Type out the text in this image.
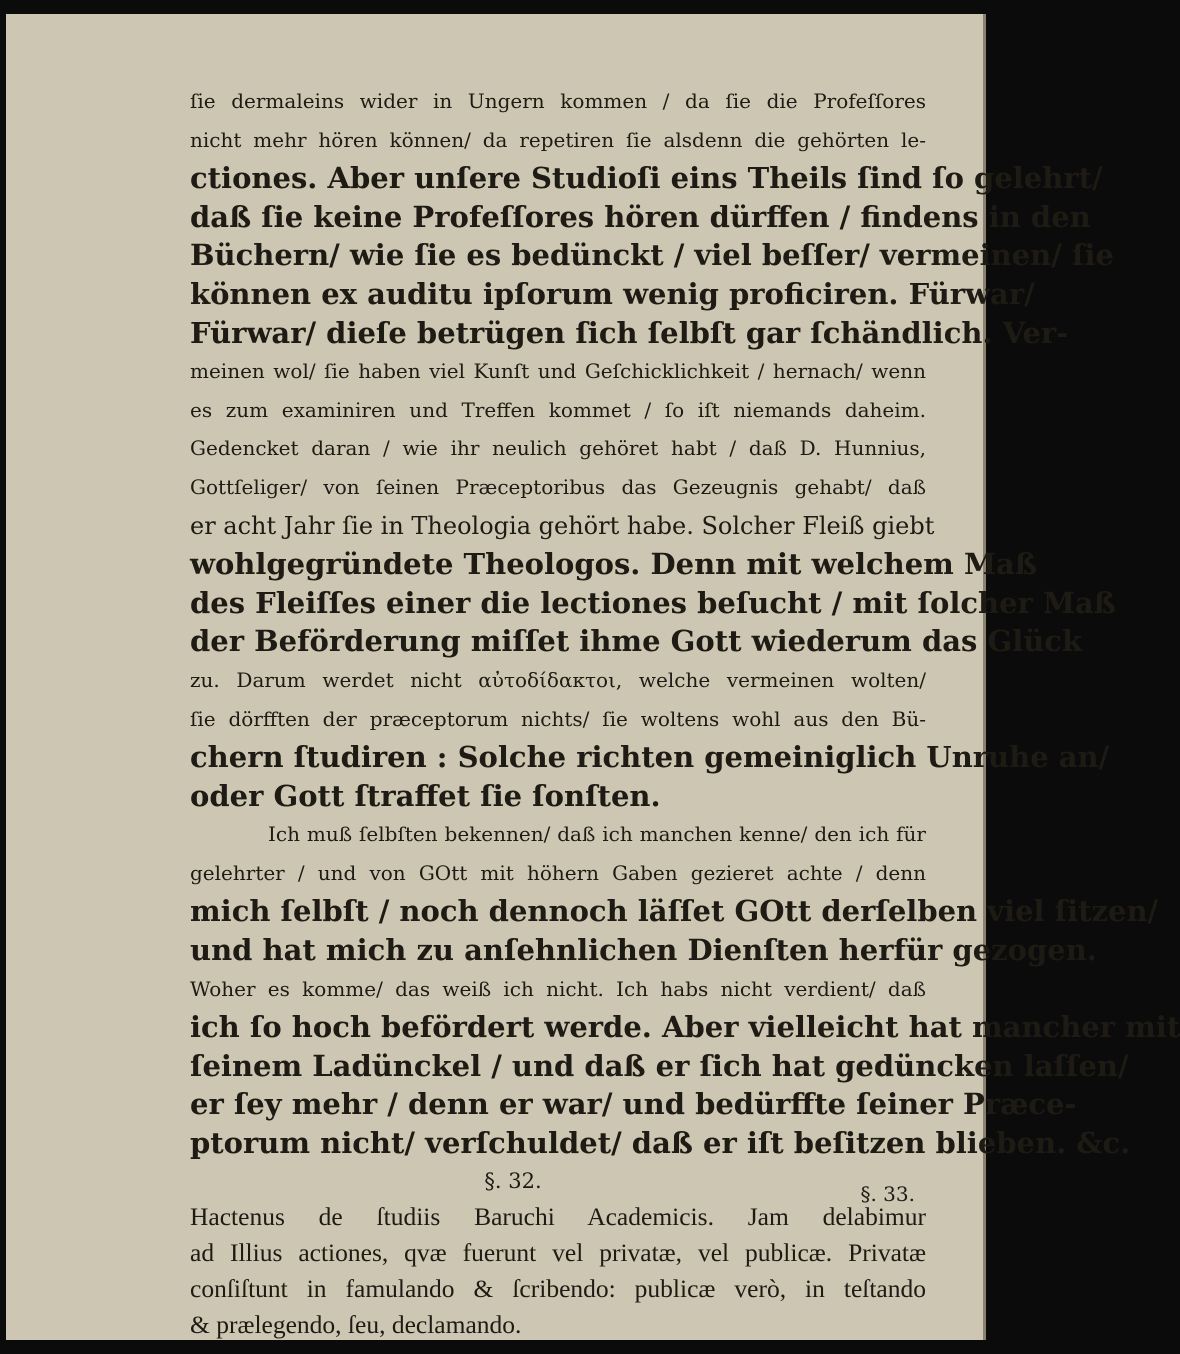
ſie dermaleins wider in Ungern kommen / da ſie die Profeſſores
nicht mehr hören können/ da repetiren ſie alsdenn die gehörten le-
ctiones. Aber unſere Studioſi eins Theils ſind ſo gelehrt/
daß ſie keine Profeſſores hören dürffen / findens in den
Büchern/ wie ſie es bedünckt / viel beſſer/ vermeinen/ ſie
können ex auditu ipſorum wenig proficiren. Fürwar/
Fürwar/ dieſe betrügen ſich ſelbſt gar ſchändlich. Ver-
meinen wol/ ſie haben viel Kunſt und Geſchicklichkeit / hernach/ wenn
es zum examiniren und Treffen kommet / ſo iſt niemands daheim.
Gedencket daran / wie ihr neulich gehöret habt / daß D. Hunnius,
Gottſeliger/ von ſeinen Præceptoribus das Gezeugnis gehabt/ daß
er acht Jahr ſie in Theologia gehört habe. Solcher Fleiß giebt
wohlgegründete Theologos. Denn mit welchem Maß
des Fleiſſes einer die lectiones beſucht / mit ſolcher Maß
der Beförderung miſſet ihme Gott wiederum das Glück
zu. Darum werdet nicht αὐτοδίδακτοι, welche vermeinen wolten/
ſie dörfften der præceptorum nichts/ ſie woltens wohl aus den Bü-
chern ſtudiren : Solche richten gemeiniglich Unruhe an/
oder Gott ſtraffet ſie ſonſten.
Ich muß ſelbſten bekennen/ daß ich manchen kenne/ den ich für
gelehrter / und von GOtt mit höhern Gaben gezieret achte / denn
mich ſelbſt / noch dennoch läſſet GOtt derſelben viel ſitzen/
und hat mich zu anſehnlichen Dienſten herfür gezogen.
Woher es komme/ das weiß ich nicht. Ich habs nicht verdient/ daß
ich ſo hoch befördert werde. Aber vielleicht hat mancher mit
ſeinem Ladünckel / und daß er ſich hat gedüncken laſſen/
er ſey mehr / denn er war/ und bedürffte ſeiner Præce-
ptorum nicht/ verſchuldet/ daß er iſt beſitzen blieben. &c.
§. 32.
Hactenus de ſtudiis Baruchi Academicis. Jam delabimur
ad Illius actiones, qvæ fuerunt vel privatæ, vel publicæ. Privatæ
conſiſtunt in famulando & ſcribendo: publicæ verò, in teſtando
& prælegendo, ſeu, declamando.
§. 33.
